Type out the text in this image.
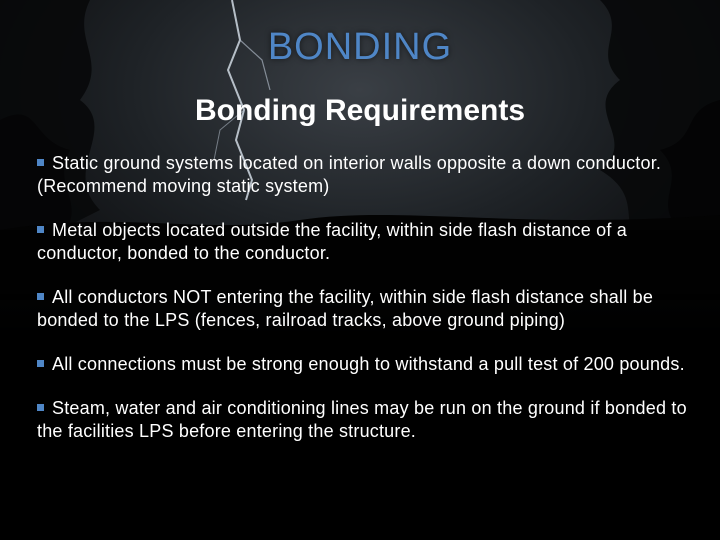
BONDING
Bonding Requirements
Static ground systems located on interior walls opposite a down conductor. (Recommend moving static system)
Metal objects located outside the facility, within side flash distance of a conductor, bonded to the conductor.
All conductors NOT entering the facility, within side flash distance shall be bonded to the LPS (fences, railroad tracks, above ground piping)
All connections must be strong enough to withstand a pull test of 200 pounds.
Steam, water and air conditioning lines may be run on the ground if bonded to the facilities LPS before entering the structure.
